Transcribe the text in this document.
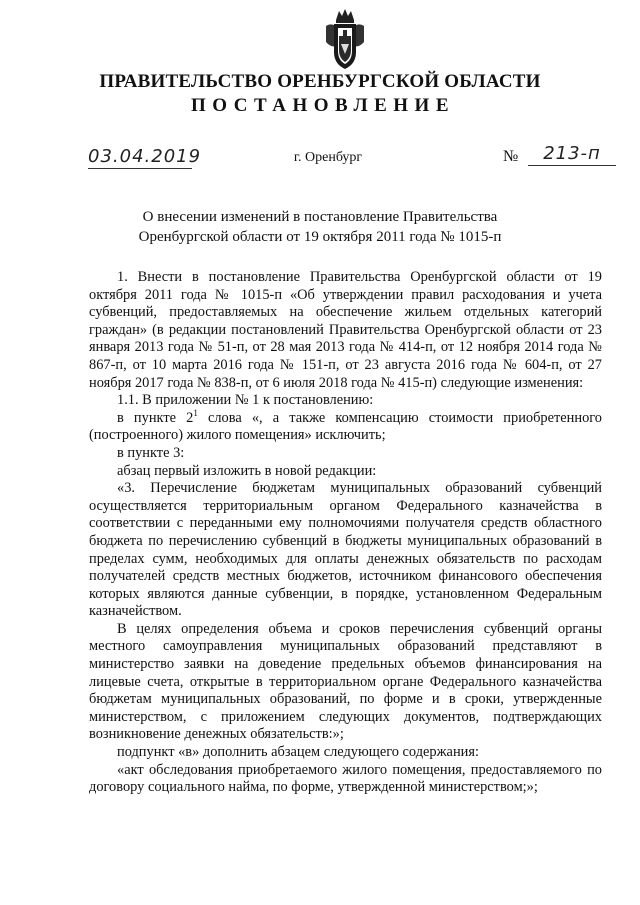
ПРАВИТЕЛЬСТВО ОРЕНБУРГСКОЙ ОБЛАСТИ
ПОСТАНОВЛЕНИЕ
03.04.2019	г. Оренбург	№	213-п
О внесении изменений в постановление Правительства
Оренбургской области от 19 октября 2011 года № 1015-п

1. Внести в постановление Правительства Оренбургской области от 19 октября 2011 года № 1015-п «Об утверждении правил расходования и учета субвенций, предоставляемых на обеспечение жильем отдельных категорий граждан» (в редакции постановлений Правительства Оренбургской области от 23 января 2013 года № 51-п, от 28 мая 2013 года № 414-п, от 12 ноября 2014 года № 867-п, от 10 марта 2016 года № 151-п, от 23 августа 2016 года № 604-п, от 27 ноября 2017 года № 838-п, от 6 июля 2018 года № 415-п) следующие изменения:

1.1. В приложении № 1 к постановлению:

в пункте $2^1$ слова «, а также компенсацию стоимости приобретенного (построенного) жилого помещения» исключить;

в пункте 3:

абзац первый изложить в новой редакции:

«3. Перечисление бюджетам муниципальных образований субвенций осуществляется территориальным органом Федерального казначейства в соответствии с переданными ему полномочиями получателя средств областного бюджета по перечислению субвенций в бюджеты муниципальных образований в пределах сумм, необходимых для оплаты денежных обязательств по расходам получателей средств местных бюджетов, источником финансового обеспечения которых являются данные субвенции, в порядке, установленном Федеральным казначейством.

В целях определения объема и сроков перечисления субвенций органы местного самоуправления муниципальных образований представляют в министерство заявки на доведение предельных объемов финансирования на лицевые счета, открытые в территориальном органе Федерального казначейства бюджетам муниципальных образований, по форме и в сроки, утвержденные министерством, с приложением следующих документов, подтверждающих возникновение денежных обязательств:»;

подпункт «в» дополнить абзацем следующего содержания:

«акт обследования приобретаемого жилого помещения, предоставляемого по договору социального найма, по форме, утвержденной министерством;»;
